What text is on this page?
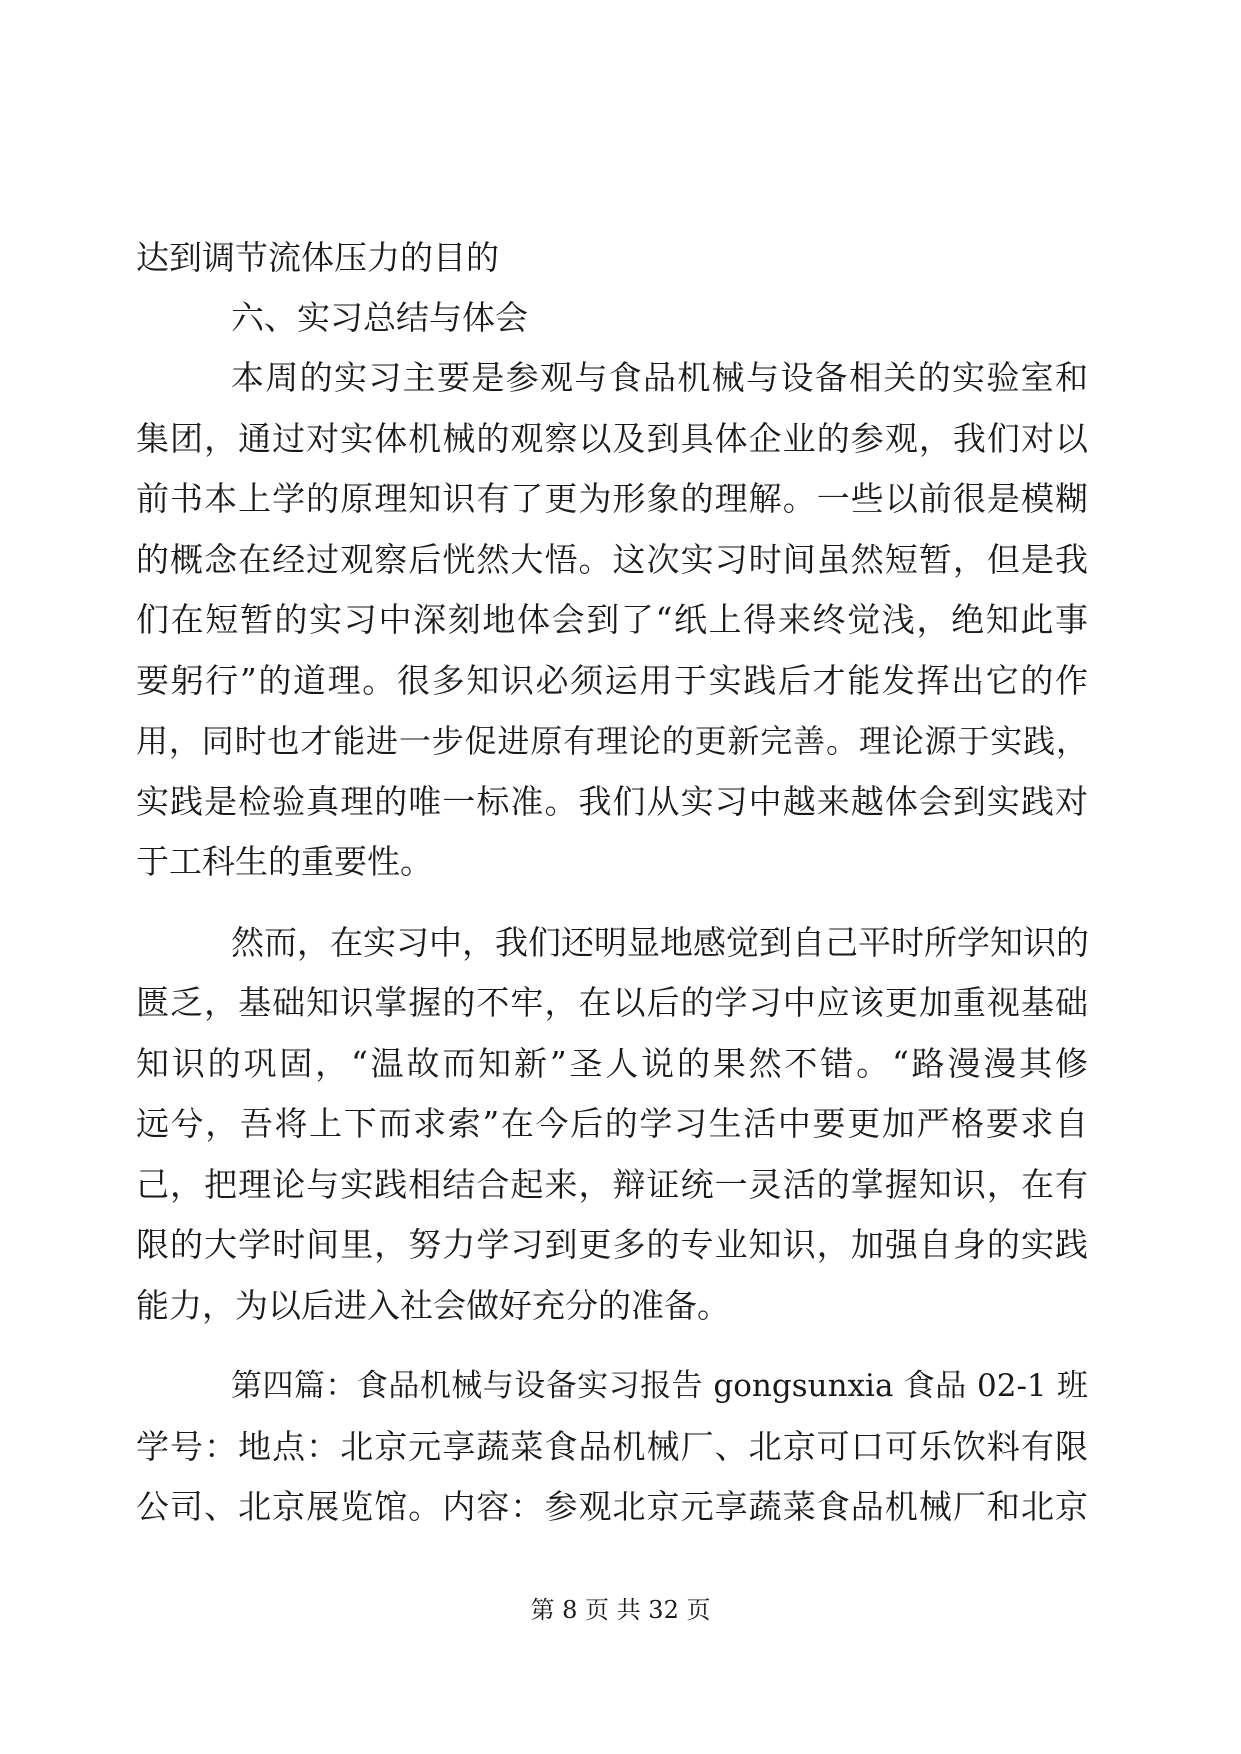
达到调节流体压力的目的
六、实习总结与体会
本周的实习主要是参观与食品机械与设备相关的实验室和
集团，通过对实体机械的观察以及到具体企业的参观，我们对以
前书本上学的原理知识有了更为形象的理解。一些以前很是模糊
的概念在经过观察后恍然大悟。这次实习时间虽然短暂，但是我
们在短暂的实习中深刻地体会到了“纸上得来终觉浅，绝知此事
要躬行”的道理。很多知识必须运用于实践后才能发挥出它的作
用，同时也才能进一步促进原有理论的更新完善。理论源于实践，
实践是检验真理的唯一标准。我们从实习中越来越体会到实践对
于工科生的重要性。
然而，在实习中，我们还明显地感觉到自己平时所学知识的
匮乏，基础知识掌握的不牢，在以后的学习中应该更加重视基础
知识的巩固，“温故而知新”圣人说的果然不错。“路漫漫其修
远兮，吾将上下而求索”在今后的学习生活中要更加严格要求自
己，把理论与实践相结合起来，辩证统一灵活的掌握知识，在有
限的大学时间里，努力学习到更多的专业知识，加强自身的实践
能力，为以后进入社会做好充分的准备。
第四篇：食品机械与设备实习报告 gongsunxia 食品 02-1 班
学号：地点：北京元享蔬菜食品机械厂、北京可口可乐饮料有限
公司、北京展览馆。内容：参观北京元享蔬菜食品机械厂和北京
第 8 页 共 32 页
